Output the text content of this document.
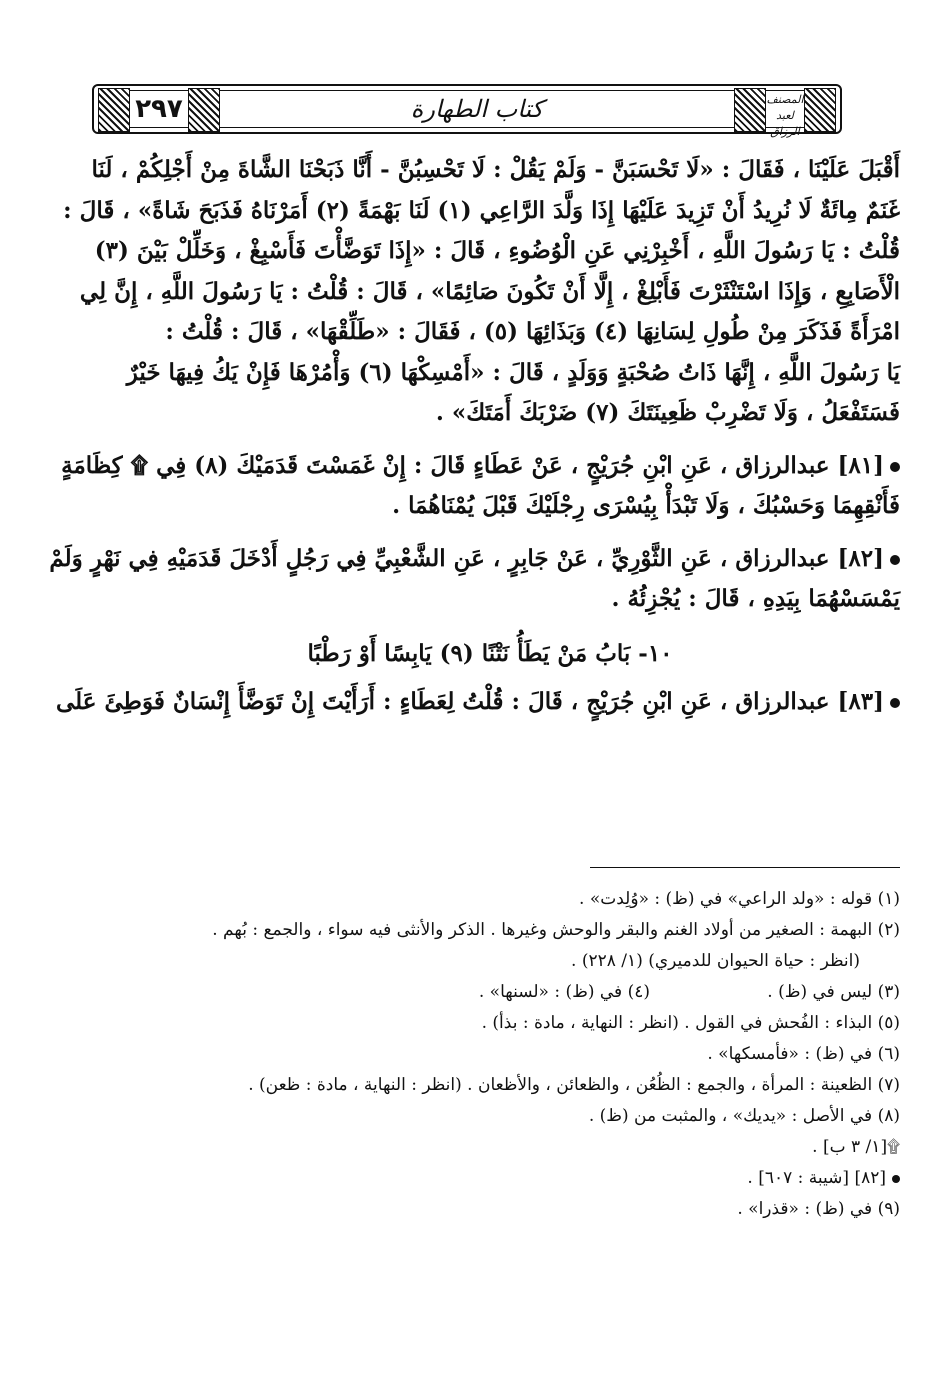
٢٩٧	كتاب الطهارة	المصنف لعبد الرزاق
أَقْبَلَ عَلَيْنَا ، فَقَالَ : «لَا تَحْسَبَنَّ - وَلَمْ يَقُلْ : لَا تَحْسِبُنَّ - أَنَّا ذَبَحْنَا الشَّاةَ مِنْ أَجْلِكُمْ ، لَنَا
غَنَمٌ مِائَةٌ لَا نُرِيدُ أَنْ تَزِيدَ عَلَيْهَا إِذَا وَلَّدَ الرَّاعِي (١) لَنَا بَهْمَةً (٢) أَمَرْنَاهُ فَذَبَحَ شَاةً» ، قَالَ :
قُلْتُ : يَا رَسُولَ اللَّهِ ، أَخْبِرْنِي عَنِ الْوُضُوءِ ، قَالَ : «إِذَا تَوَضَّأْتَ فَأَسْبِغْ ، وَخَلِّلْ بَيْنَ (٣)
الْأَصَابِعِ ، وَإِذَا اسْتَنْثَرْتَ فَأَبْلِغْ ، إِلَّا أَنْ تَكُونَ صَائِمًا» ، قَالَ : قُلْتُ : يَا رَسُولَ اللَّهِ ، إِنَّ لِي
امْرَأَةً فَذَكَرَ مِنْ طُولِ لِسَانِهَا (٤) وَبَذَائِهَا (٥) ، فَقَالَ : «طَلِّقْهَا» ، قَالَ : قُلْتُ :
يَا رَسُولَ اللَّهِ ، إِنَّهَا ذَاتُ صُحْبَةٍ وَوَلَدٍ ، قَالَ : «أَمْسِكْهَا (٦) وَأْمُرْهَا فَإِنْ يَكُ فِيهَا خَيْرٌ
فَسَتَفْعَلُ ، وَلَا تَضْرِبْ ظَعِينَتَكَ (٧) ضَرْبَكَ أَمَتَكَ» .
[٨١] عبدالرزاق ، عَنِ ابْنِ جُرَيْجٍ ، عَنْ عَطَاءٍ قَالَ : إِنْ غَمَسْتَ قَدَمَيْكَ (٨) فِي ۩ كِظَامَةٍ
فَأَنْقِهِمَا وَحَسْبُكَ ، وَلَا تَبْدَأْ بِيُسْرَى رِجْلَيْكَ قَبْلَ يُمْنَاهُمَا .
[٨٢] عبدالرزاق ، عَنِ الثَّوْرِيِّ ، عَنْ جَابِرٍ ، عَنِ الشَّعْبِيِّ فِي رَجُلٍ أَدْخَلَ قَدَمَيْهِ فِي نَهْرٍ وَلَمْ
يَمْسَسْهُمَا بِيَدِهِ ، قَالَ : يُجْزِئُهُ .
١٠- بَابُ مَنْ يَطَأُ نَتْنًا (٩) يَابِسًا أَوْ رَطْبًا
[٨٣] عبدالرزاق ، عَنِ ابْنِ جُرَيْجٍ ، قَالَ : قُلْتُ لِعَطَاءٍ : أَرَأَيْتَ إِنْ تَوَضَّأَ إِنْسَانٌ فَوَطِئَ عَلَى
(١) قوله : «ولد الراعي» في (ظ) : «وُلِدت» .
(٢) البهمة : الصغير من أولاد الغنم والبقر والوحش وغيرها . الذكر والأنثى فيه سواء ، والجمع : بُهم .
(انظر : حياة الحيوان للدميري) (١/ ٢٢٨) .
(٣) ليس في (ظ) .
(٤) في (ظ) : «لسنها» .
(٥) البذاء : الفُحش في القول . (انظر : النهاية ، مادة : بذأ) .
(٦) في (ظ) : «فأمسكها» .
(٧) الظعينة : المرأة ، والجمع : الظُعُن ، والظعائن ، والأظعان . (انظر : النهاية ، مادة : ظعن) .
(٨) في الأصل : «يديك» ، والمثبت من (ظ) .
۩[١/ ٣ ب] .
[٨٢] [شيبة : ٦٠٧] .
(٩) في (ظ) : «قذرا» .
